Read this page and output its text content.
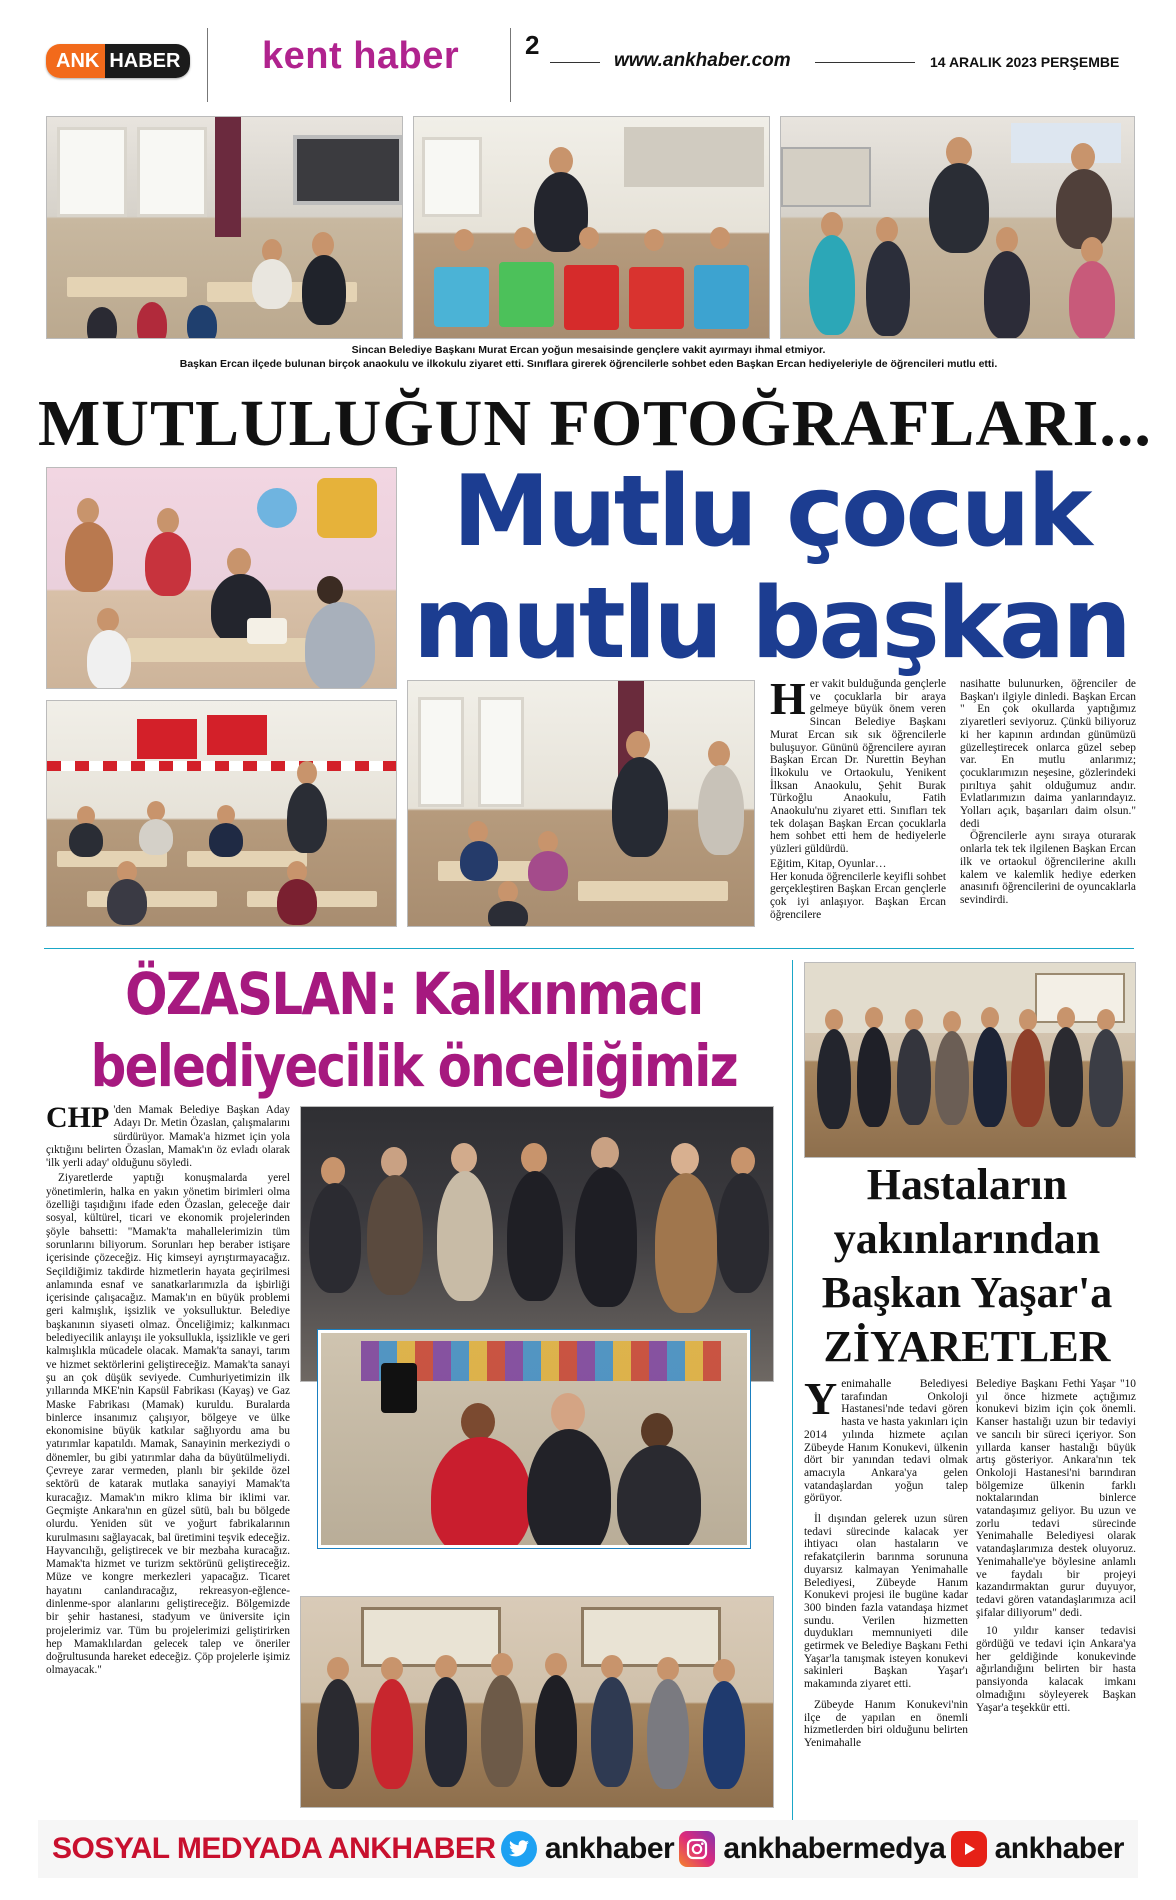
ANK HABER kent haber	2
www.ankhaber.com	14 ARALIK 2023 PERŞEMBE
Sincan Belediye Başkanı Murat Ercan yoğun mesaisinde gençlere vakit ayırmayı ihmal etmiyor.
Başkan Ercan ilçede bulunan birçok anaokulu ve ilkokulu ziyaret etti. Sınıflara girerek öğrencilerle sohbet eden Başkan Ercan hediyeleriyle de öğrencileri mutlu etti.
MUTLULUĞUN FOTOĞRAFLARI...
Mutlu çocuk
mutlu başkan
H er vakit bulduğunda gençlerle ve çocuklarla bir araya gelmeye büyük önem veren Sincan Belediye Başkanı Murat Ercan sık sık öğrencilerle buluşuyor. Gününü öğrencilere ayıran Başkan Ercan Dr. Nurettin Beyhan İlkokulu ve Ortaokulu, Yenikent İlksan Anaokulu, Şehit Burak Türkoğlu Anaokulu, Fatih Anaokulu'nu ziyaret etti. Sınıfları tek tek dolaşan Başkan Ercan çocuklarla hem sohbet etti hem de hediyelerle yüzleri güldürdü.

Eğitim, Kitap, Oyunlar…

Her konuda öğrencilerle keyifli sohbet gerçekleştiren Başkan Ercan gençlerle çok iyi anlaşıyor. Başkan Ercan öğrencilere

nasihatte bulunurken, öğrenciler de Başkan'ı ilgiyle dinledi. Başkan Ercan " En çok okullarda yaptığımız ziyaretleri seviyoruz. Çünkü biliyoruz ki her kapının ardından günümüzü güzelleştirecek onlarca güzel sebep var. En mutlu anlarımız; çocuklarımızın neşesine, gözlerindeki pırıltıya şahit olduğumuz andır. Evlatlarımızın daima yanlarındayız. Yolları açık, başarıları daim olsun." dedi

Öğrencilerle aynı sıraya oturarak onlarla tek tek ilgilenen Başkan Ercan ilk ve ortaokul öğrencilerine akıllı kalem ve kalemlik hediye ederken anasınıfı öğrencilerini de oyuncaklarla sevindirdi.

ÖZASLAN: Kalkınmacı
belediyecilik önceliğimiz
CHP 'den Mamak Belediye Başkan Aday Adayı Dr. Metin Özaslan, çalışmalarını sürdürüyor. Mamak'a hizmet için yola çıktığını belirten Özaslan, Mamak'ın öz evladı olarak 'ilk yerli aday' olduğunu söyledi.

Ziyaretlerde yaptığı konuşmalarda yerel yönetimlerin, halka en yakın yönetim birimleri olma özelliği taşıdığını ifade eden Özaslan, geleceğe dair sosyal, kültürel, ticari ve ekonomik projelerinden şöyle bahsetti: "Mamak'ta mahallelerimizin tüm sorunlarını biliyorum. Sorunları hep beraber istişare içerisinde çözeceğiz. Hiç kimseyi ayrıştırmayacağız. Seçildiğimiz takdirde hizmetlerin hayata geçirilmesi anlamında esnaf ve sanatkarlarımızla da işbirliği içerisinde çalışacağız. Mamak'ın en büyük problemi geri kalmışlık, işsizlik ve yoksulluktur. Belediye başkanının siyaseti olmaz. Önceliğimiz; kalkınmacı belediyecilik anlayışı ile yoksullukla, işsizlikle ve geri kalmışlıkla mücadele olacak. Mamak'ta sanayi, tarım ve hizmet sektörlerini geliştireceğiz. Mamak'ta sanayi şu an çok düşük seviyede. Cumhuriyetimizin ilk yıllarında MKE'nin Kapsül Fabrikası (Kayaş) ve Gaz Maske Fabrikası (Mamak) kuruldu. Buralarda binlerce insanımız çalışıyor, bölgeye ve ülke ekonomisine büyük katkılar sağlıyordu ama bu yatırımlar kapatıldı. Mamak, Sanayinin merkeziydi o dönemler, bu gibi yatırımlar daha da büyütülmeliydi. Çevreye zarar vermeden, planlı bir şekilde özel sektörü de katarak mutlaka sanayiyi Mamak'ta kuracağız. Mamak'ın mikro klima bir iklimi var. Geçmişte Ankara'nın en güzel sütü, balı bu bölgede olurdu. Yeniden süt ve yoğurt fabrikalarının kurulmasını sağlayacak, bal üretimini teşvik edeceğiz. Hayvancılığı, geliştirecek ve bir mezbaha kuracağız. Mamak'ta hizmet ve turizm sektörünü geliştireceğiz. Müze ve kongre merkezleri yapacağız. Ticaret hayatını canlandıracağız, rekreasyon-eğlence-dinlenme-spor alanlarını geliştireceğiz. Bölgemizde bir şehir hastanesi, stadyum ve üniversite için projelerimiz var. Tüm bu projelerimizi geliştirirken hep Mamaklılardan gelecek talep ve öneriler doğrultusunda hareket edeceğiz. Çöp projelerle işimiz olmayacak."

Hastaların
yakınlarından
Başkan Yaşar'a
ZİYARETLER
Y enimahalle Belediyesi tarafından Onkoloji Hastanesi'nde tedavi gören hasta ve hasta yakınları için 2014 yılında hizmete açılan Zübeyde Hanım Konukevi, ülkenin dört bir yanından tedavi olmak amacıyla Ankara'ya gelen vatandaşlardan yoğun talep görüyor.

İl dışından gelerek uzun süren tedavi sürecinde kalacak yer ihtiyacı olan hastaların ve refakatçilerin barınma sorununa duyarsız kalmayan Yenimahalle Belediyesi, Zübeyde Hanım Konukevi projesi ile bugüne kadar 300 binden fazla vatandaşa hizmet sundu. Verilen hizmetten duydukları memnuniyeti dile getirmek ve Belediye Başkanı Fethi Yaşar'la tanışmak isteyen konukevi sakinleri Başkan Yaşar'ı makamında ziyaret etti.

Zübeyde Hanım Konukevi'nin ilçe de yapılan en önemli hizmetlerden biri olduğunu belirten Yenimahalle

Belediye Başkanı Fethi Yaşar "10 yıl önce hizmete açtığımız konukevi bizim için çok önemli. Kanser hastalığı uzun bir tedaviyi ve sancılı bir süreci içeriyor. Son yıllarda kanser hastalığı büyük artış gösteriyor. Ankara'nın tek Onkoloji Hastanesi'ni barındıran bölgemize ülkenin farklı noktalarından binlerce vatandaşımız geliyor. Bu uzun ve zorlu tedavi sürecinde Yenimahalle Belediyesi olarak vatandaşlarımıza destek oluyoruz. Yenimahalle'ye böylesine anlamlı ve faydalı bir projeyi kazandırmaktan gurur duyuyor, tedavi gören vatandaşlarımıza acil şifalar diliyorum" dedi.

10 yıldır kanser tedavisi gördüğü ve tedavi için Ankara'ya her geldiğinde konukevinde ağırlandığını belirten bir hasta pansiyonda kalacak imkanı olmadığını söyleyerek Başkan Yaşar'a teşekkür etti.

SOSYAL MEDYADA ANKHABER ankhaber ankhabermedya ankhaber
